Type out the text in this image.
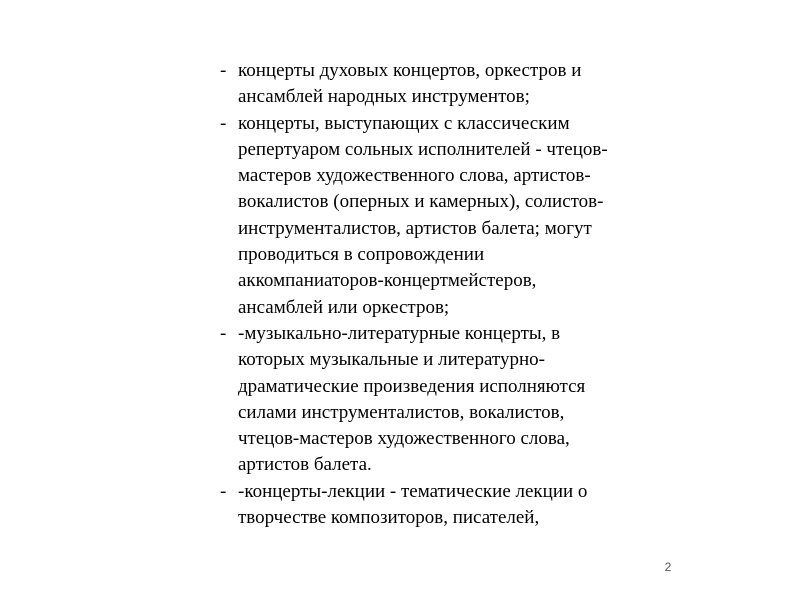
- концерты духовых концертов, оркестров и
ансамблей народных инструментов;
- концерты, выступающих с классическим
репертуаром сольных исполнителей - чтецов-
мастеров художественного слова, артистов-
вокалистов (оперных и камерных), солистов-
инструменталистов, артистов балета; могут
проводиться в сопровождении
аккомпаниаторов-концертмейстеров,
ансамблей или оркестров;
- -музыкально-литературные концерты, в
которых музыкальные и литературно-
драматические произведения исполняются
силами инструменталистов, вокалистов,
чтецов-мастеров художественного слова,
артистов балета.
- -концерты-лекции - тематические лекции о
творчестве композиторов, писателей,
2
